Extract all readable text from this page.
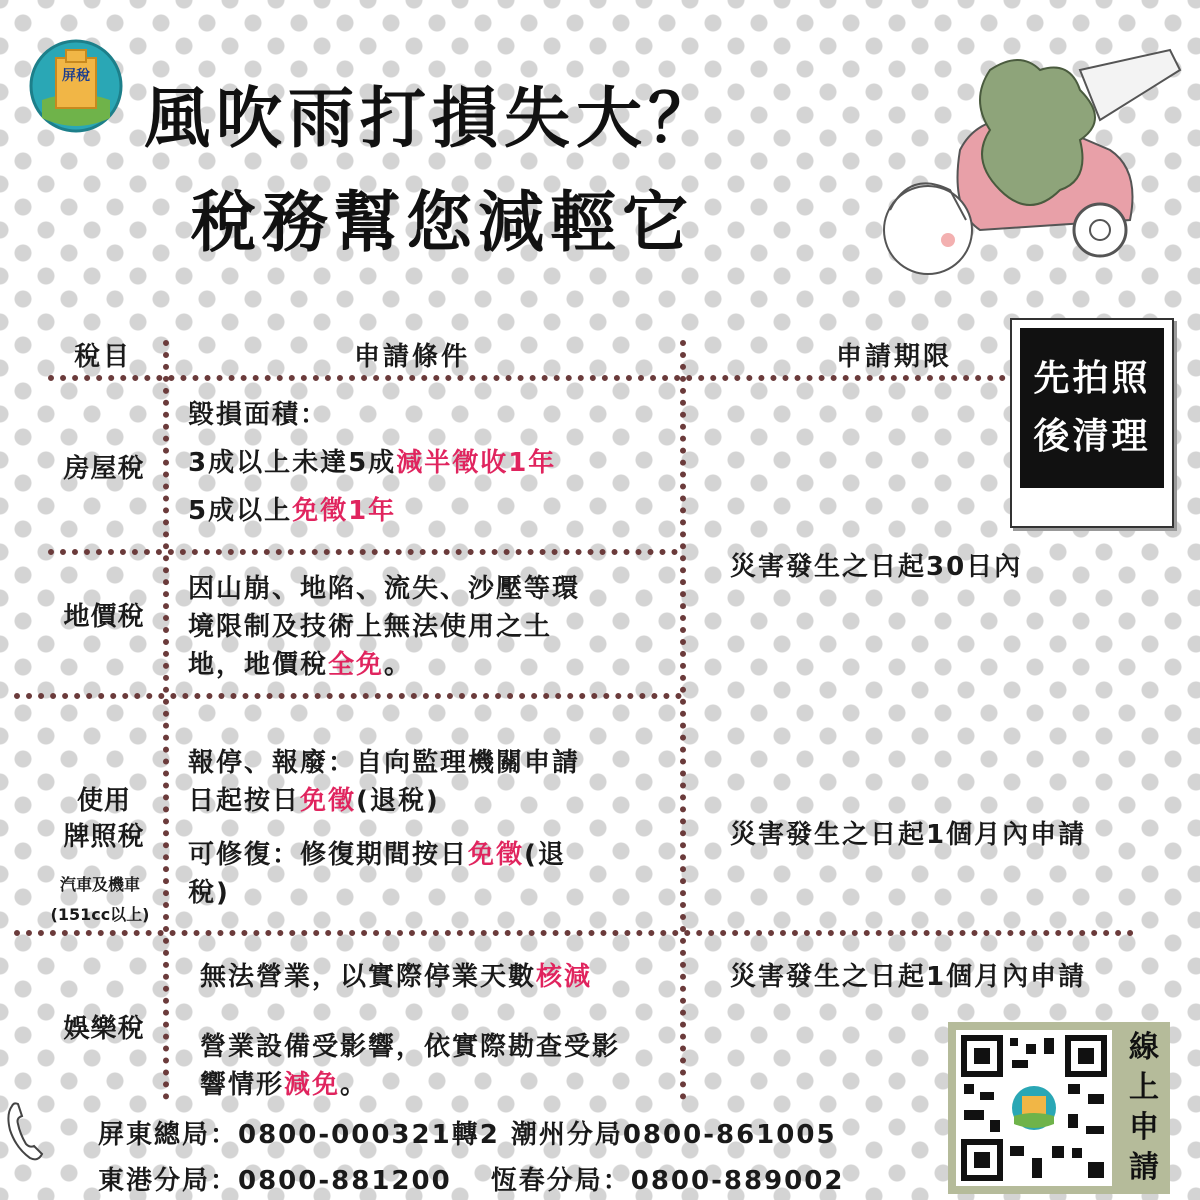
屏稅
風吹雨打損失大？
稅務幫您減輕它
先拍照
後清理
稅目	申請條件	申請期限
房屋稅
毀損面積：
3成以上未達5成減半徵收1年
5成以上免徵1年
地價稅
因山崩、地陷、流失、沙壓等環
境限制及技術上無法使用之土
地，地價稅全免。
災害發生之日起30日內
使用
牌照稅
汽車及機車
(151cc以上)
報停、報廢：自向監理機關申請
日起按日免徵(退稅)
可修復：修復期間按日免徵(退
稅)
災害發生之日起1個月內申請
娛樂稅
無法營業，以實際停業天數核減
營業設備受影響，依實際勘查受影
響情形減免。
災害發生之日起1個月內申請
屏東總局：0800-000321轉2 潮州分局0800-861005
東港分局：0800-881200　 恆春分局：0800-889002
線
上
申
請
